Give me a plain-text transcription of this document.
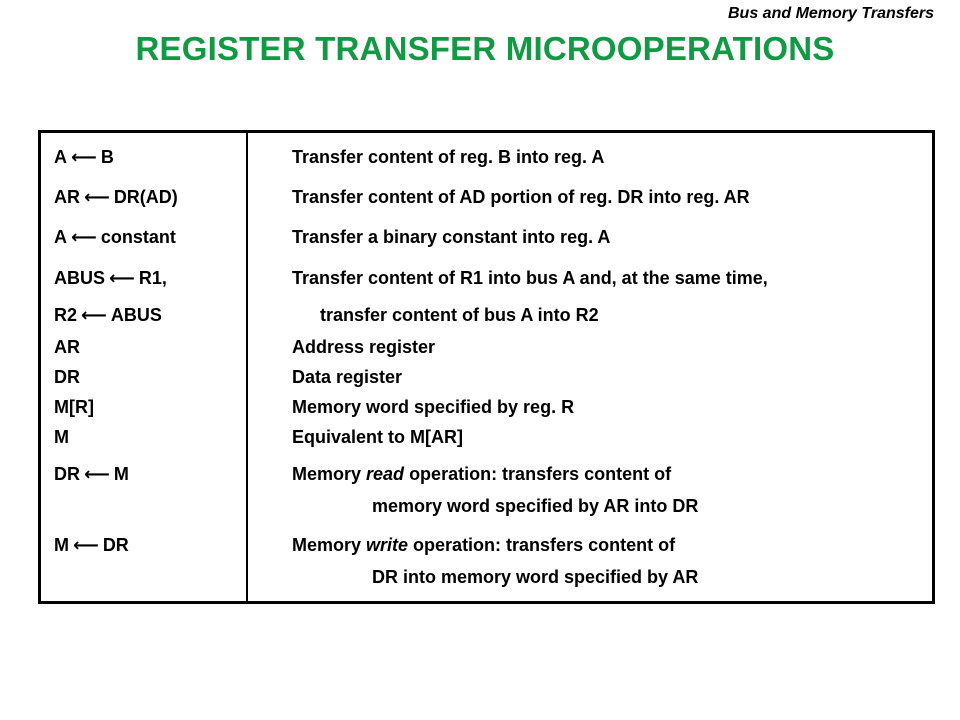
Bus and Memory Transfers
REGISTER TRANSFER MICROOPERATIONS
A ⟵ B	Transfer content of reg. B into reg. A
AR ⟵ DR(AD)	Transfer content of AD portion of reg. DR into reg. AR
A ⟵ constant	Transfer a binary constant into reg. A
ABUS ⟵ R1,	Transfer content of R1 into bus A and, at the same time,
R2 ⟵ ABUS	transfer content of bus A into R2
AR	Address register
DR	Data register
M[R]	Memory word specified by reg. R
M	Equivalent to M[AR]
DR ⟵ M	Memory read operation: transfers content of
memory word specified by AR into DR
M ⟵ DR	Memory write operation: transfers content of
DR into memory word specified by AR
